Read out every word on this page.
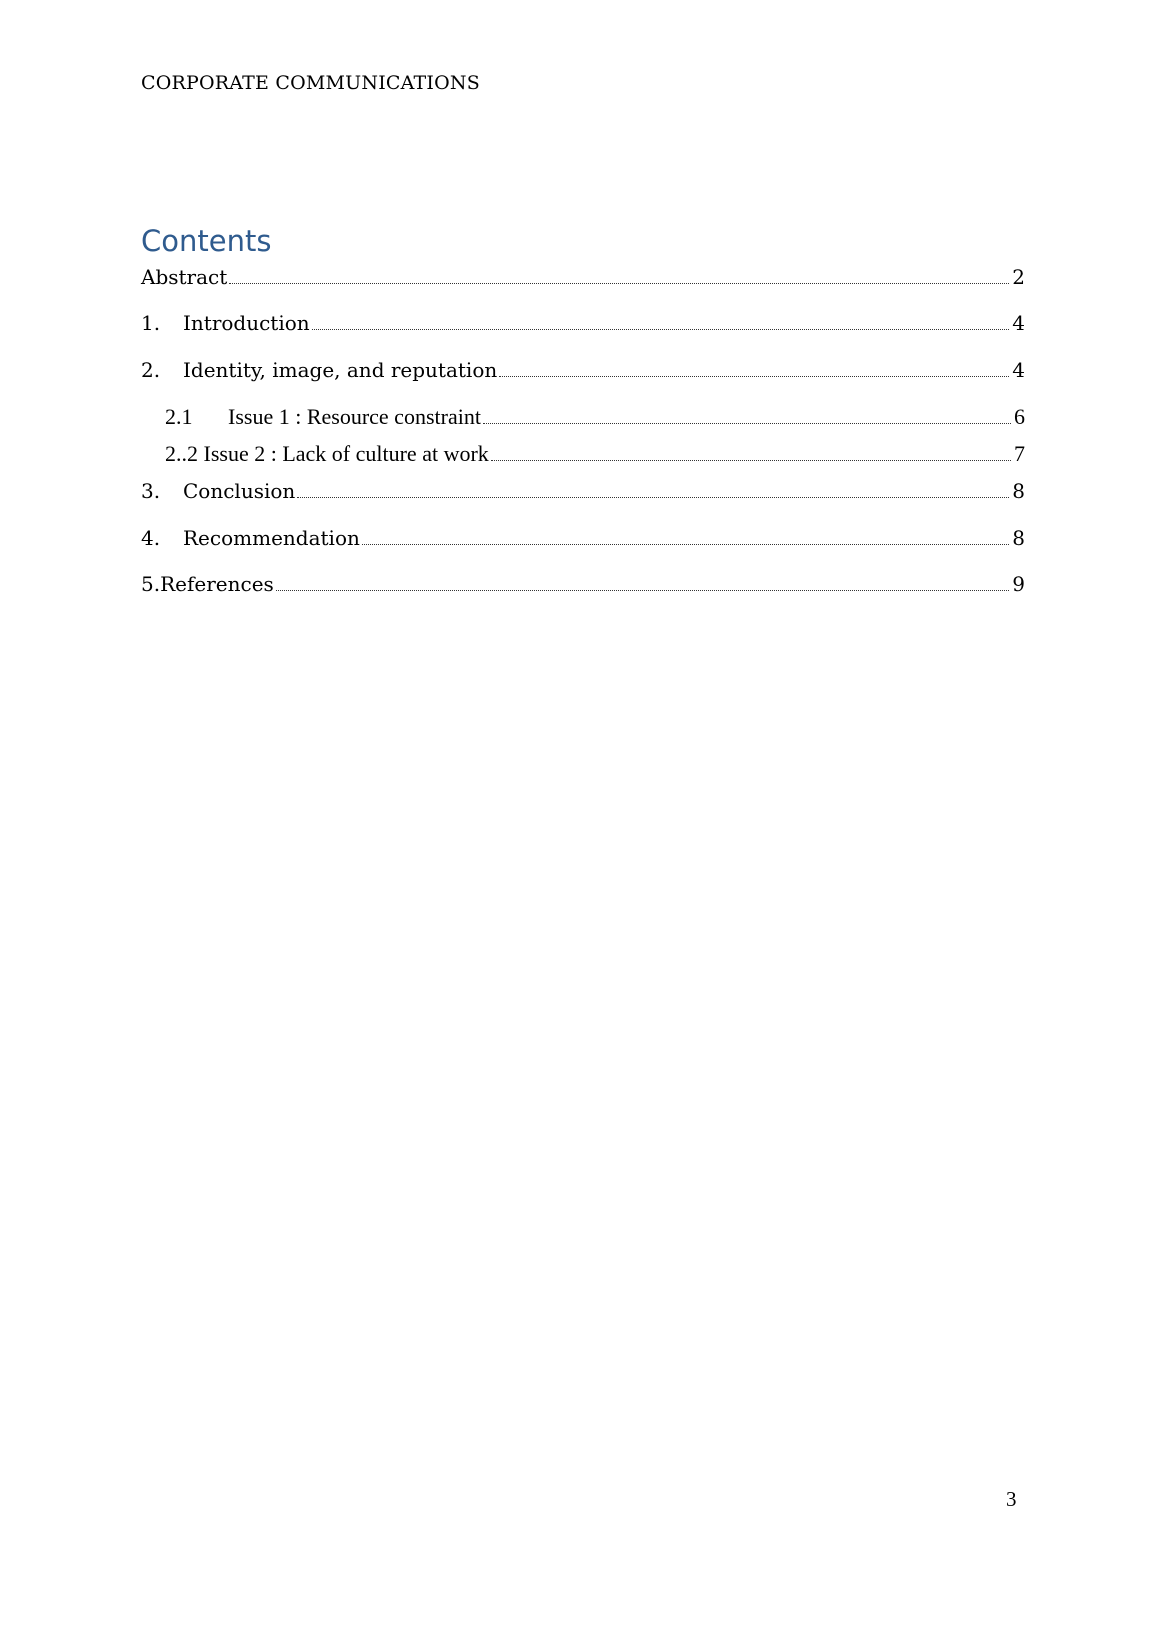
CORPORATE COMMUNICATIONS
Contents
Abstract	2
1.	Introduction	4
2.	Identity, image, and reputation	4
2.1	Issue 1 : Resource constraint	6
2..2 Issue 2 : Lack of culture at work	7
3.	Conclusion	8
4.	Recommendation	8
5.References	9
3
